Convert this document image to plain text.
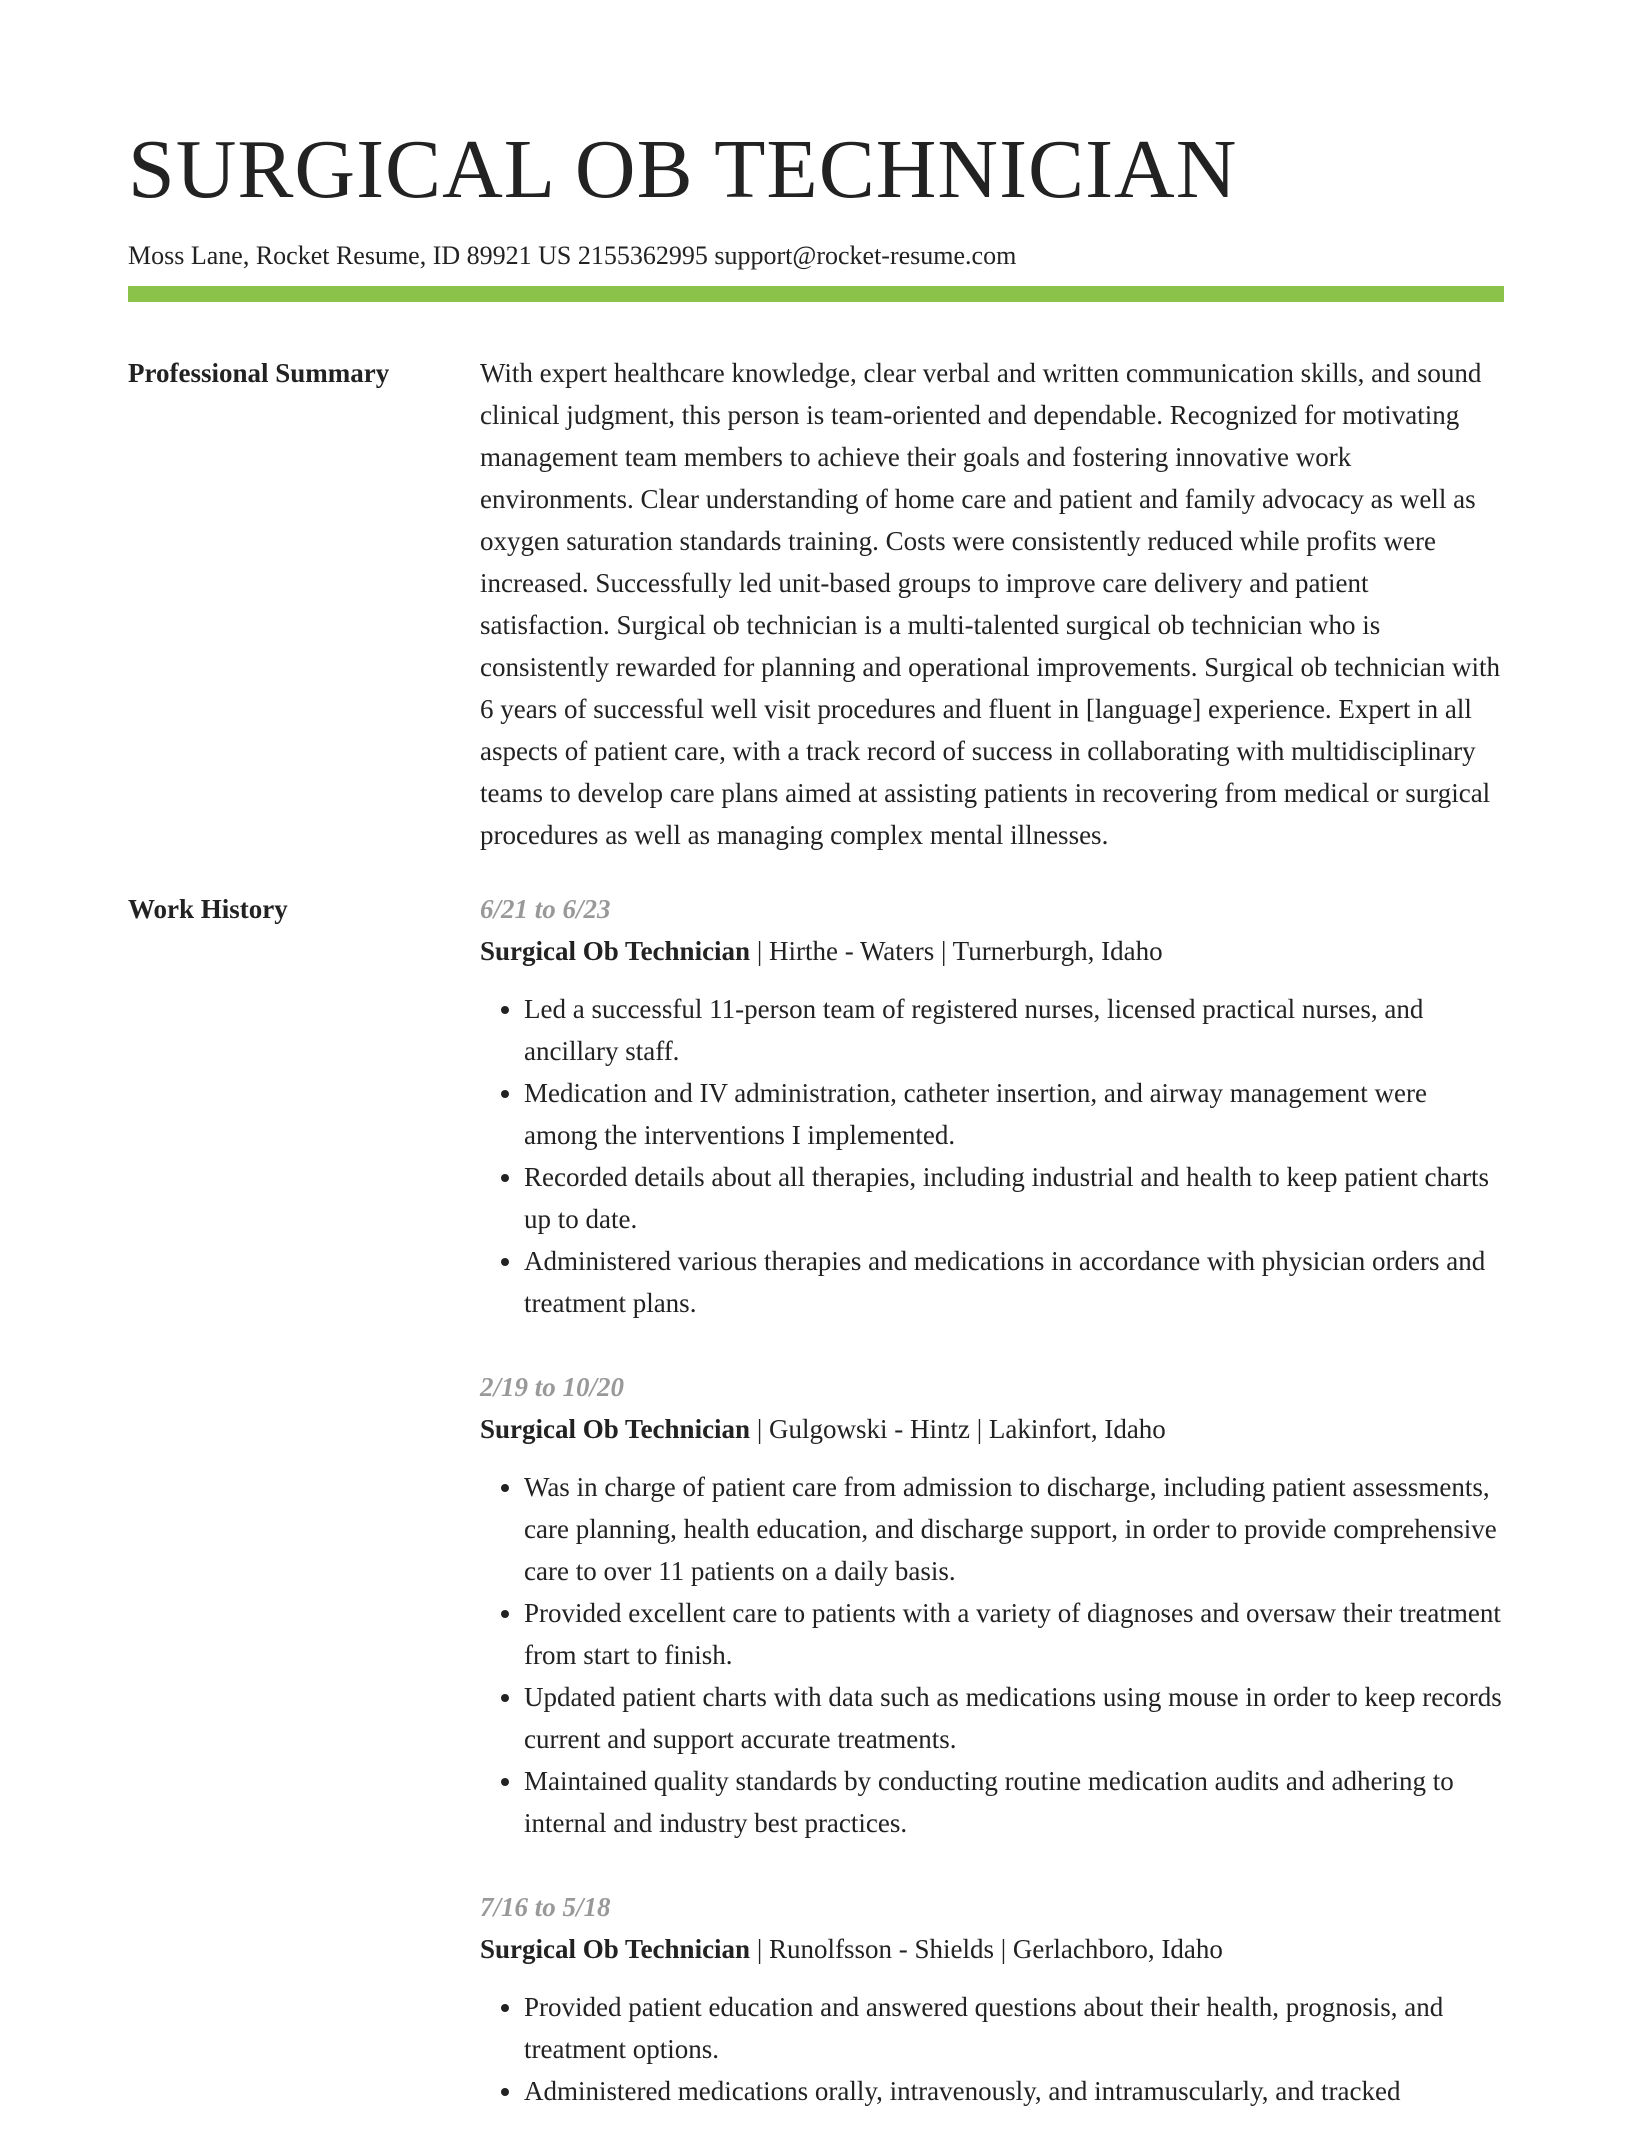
SURGICAL OB TECHNICIAN
Moss Lane, Rocket Resume, ID 89921 US 2155362995 support@rocket-resume.com
Professional Summary	With expert healthcare knowledge, clear verbal and written communication skills, and sound clinical judgment, this person is team-oriented and dependable. Recognized for motivating management team members to achieve their goals and fostering innovative work environments. Clear understanding of home care and patient and family advocacy as well as oxygen saturation standards training. Costs were consistently reduced while profits were increased. Successfully led unit-based groups to improve care delivery and patient satisfaction. Surgical ob technician is a multi-talented surgical ob technician who is consistently rewarded for planning and operational improvements. Surgical ob technician with 6 years of successful well visit procedures and fluent in [language] experience. Expert in all aspects of patient care, with a track record of success in collaborating with multidisciplinary teams to develop care plans aimed at assisting patients in recovering from medical or surgical procedures as well as managing complex mental illnesses.

Work History	6/21 to 6/23
Surgical Ob Technician | Hirthe - Waters | Turnerburgh, Idaho
• Led a successful 11-person team of registered nurses, licensed practical nurses, and ancillary staff.
• Medication and IV administration, catheter insertion, and airway management were among the interventions I implemented.
• Recorded details about all therapies, including industrial and health to keep patient charts up to date.
• Administered various therapies and medications in accordance with physician orders and treatment plans.
2/19 to 10/20
Surgical Ob Technician | Gulgowski - Hintz | Lakinfort, Idaho
• Was in charge of patient care from admission to discharge, including patient assessments, care planning, health education, and discharge support, in order to provide comprehensive care to over 11 patients on a daily basis.
• Provided excellent care to patients with a variety of diagnoses and oversaw their treatment from start to finish.
• Updated patient charts with data such as medications using mouse in order to keep records current and support accurate treatments.
• Maintained quality standards by conducting routine medication audits and adhering to internal and industry best practices.
7/16 to 5/18
Surgical Ob Technician | Runolfsson - Shields | Gerlachboro, Idaho
• Provided patient education and answered questions about their health, prognosis, and treatment options.
• Administered medications orally, intravenously, and intramuscularly, and tracked
